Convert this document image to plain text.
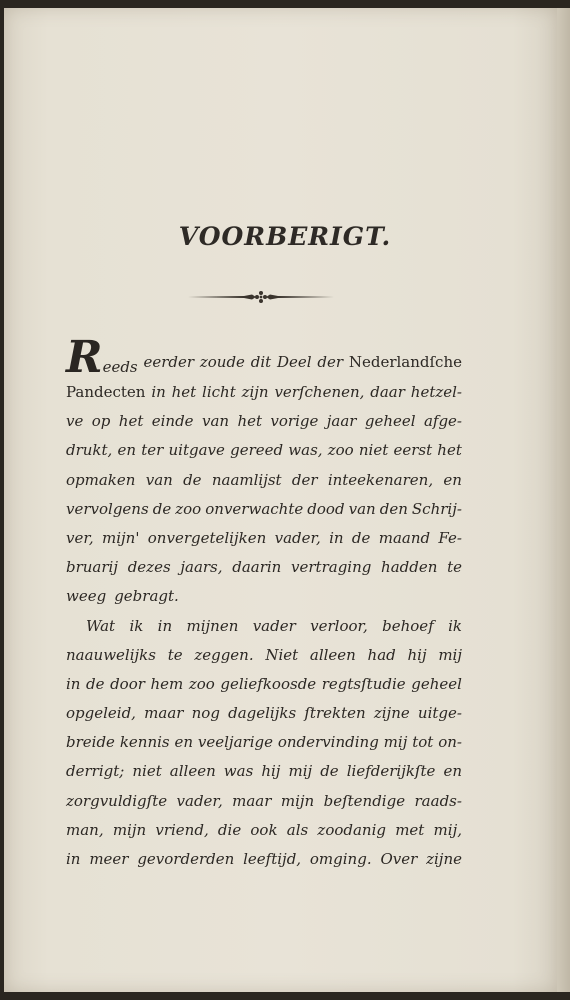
VOORBERIGT.
Reeds eerder zoude dit Deel der Nederlandſche
Pandecten in het licht zijn verſchenen, daar hetzel-
ve op het einde van het vorige jaar geheel afge-
drukt, en ter uitgave gereed was, zoo niet eerst het
opmaken van de naamlijst der inteekenaren, en
vervolgens de zoo onverwachte dood van den Schrij-
ver, mijn' onvergetelijken vader, in de maand Fe-
bruarij dezes jaars, daarin vertraging hadden te
weeg gebragt.
Wat ik in mijnen vader verloor, behoef ik
naauwelijks te zeggen. Niet alleen had hij mij
in de door hem zoo geliefkoosde regtsſtudie geheel
opgeleid, maar nog dagelijks ſtrekten zijne uitge-
breide kennis en veeljarige ondervinding mij tot on-
derrigt; niet alleen was hij mij de liefderijkſte en
zorgvuldigſte vader, maar mijn beſtendige raads-
man, mijn vriend, die ook als zoodanig met mij,
in meer gevorderden leeftijd, omging. Over zijne
